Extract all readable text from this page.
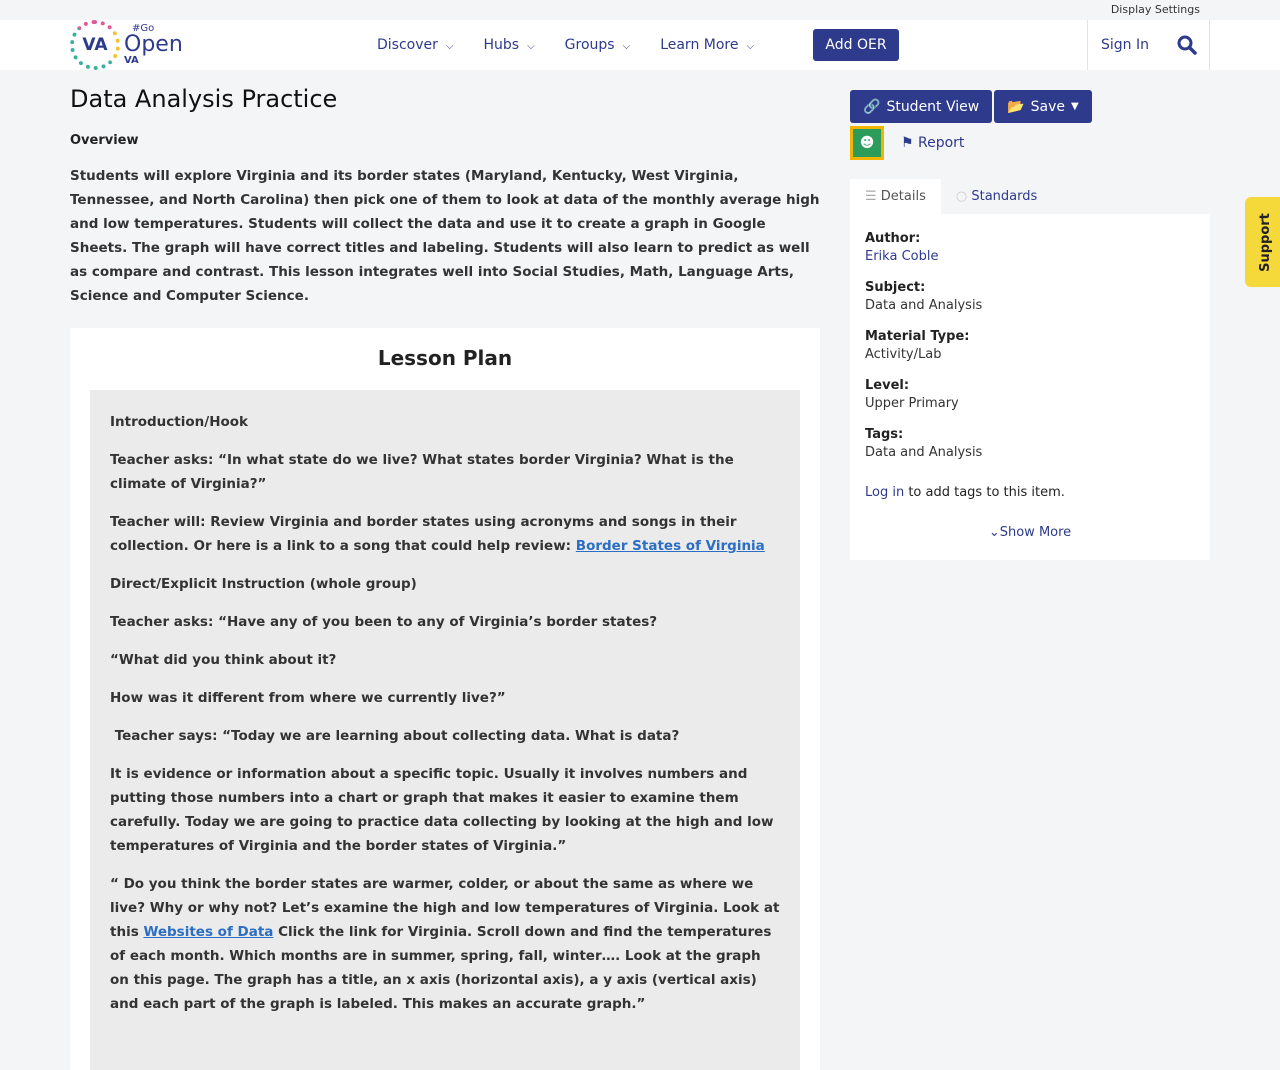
Display Settings
VA
#Go
Open
VA
Discover ⌵ Hubs ⌵ Groups ⌵ Learn More ⌵	Add OER	Sign In
Data Analysis Practice
Overview
Students will explore Virginia and its border states (Maryland, Kentucky, West Virginia, Tennessee, and North Carolina) then pick one of them to look at data of the monthly average high and low temperatures. Students will collect the data and use it to create a graph in Google Sheets. The graph will have correct titles and labeling. Students will also learn to predict as well as compare and contrast. This lesson integrates well into Social Studies, Math, Language Arts, Science and Computer Science.
Lesson Plan

Introduction/Hook

Teacher asks: “In what state do we live? What states border Virginia? What is the climate of Virginia?”

Teacher will: Review Virginia and border states using acronyms and songs in their collection. Or here is a link to a song that could help review: Border States of Virginia

Direct/Explicit Instruction (whole group)

Teacher asks: “Have any of you been to any of Virginia’s border states?

“What did you think about it?

How was it different from where we currently live?”

Teacher says: “Today we are learning about collecting data. What is data?

It is evidence or information about a specific topic. Usually it involves numbers and putting those numbers into a chart or graph that makes it easier to examine them carefully. Today we are going to practice data collecting by looking at the high and low temperatures of Virginia and the border states of Virginia.”

“ Do you think the border states are warmer, colder, or about the same as where we live? Why or why not? Let’s examine the high and low temperatures of Virginia. Look at this Websites of Data Click the link for Virginia. Scroll down and find the temperatures of each month. Which months are in summer, spring, fall, winter…. Look at the graph on this page. The graph has a title, an x axis (horizontal axis), a y axis (vertical axis) and each part of the graph is labeled. This makes an accurate graph.”

🔗 Student View 📂 Save ▼
☻	⚑ Report
☰ Details	○ Standards
Author:
Erika Coble
Subject:
Data and Analysis
Material Type:
Activity/Lab
Level:
Upper Primary
Tags:
Data and Analysis
Log in to add tags to this item.
⌄Show More
Support
